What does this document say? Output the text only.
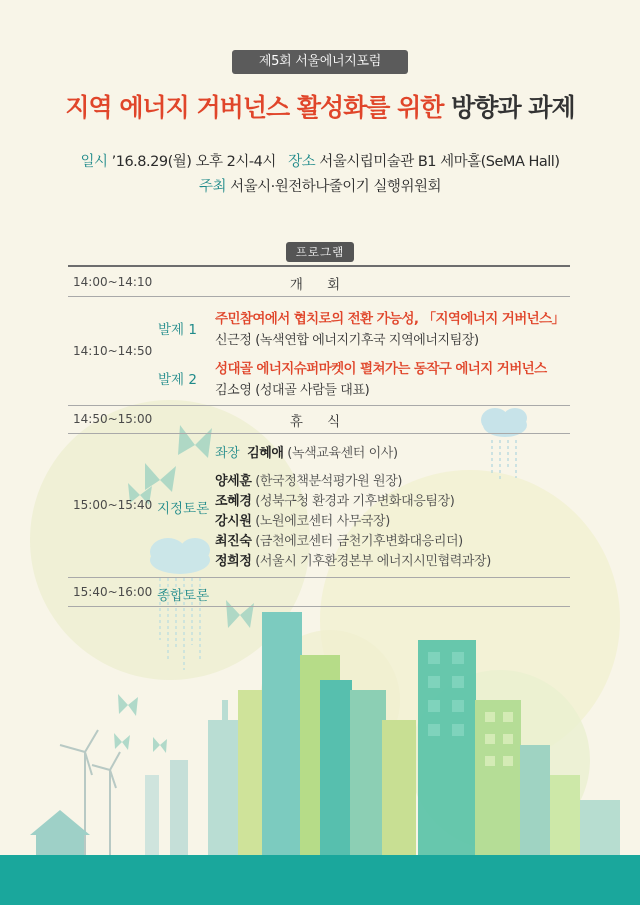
제5회 서울에너지포럼
지역 에너지 거버넌스 활성화를 위한 방향과 과제
일시 ’16.8.29(월) 오후 2시-4시 장소 서울시립미술관 B1 세마홀(SeMA Hall)
주최 서울시·원전하나줄이기 실행위원회
프로그램
14:00~14:10	개 회
14:10~14:50
발제 1
주민참여에서 협치로의 전환 가능성, 「지역에너지 거버넌스」
신근정 (녹색연합 에너지기후국 지역에너지팀장)
발제 2
성대골 에너지슈퍼마켓이 펼쳐가는 동작구 에너지 거버넌스
김소영 (성대골 사람들 대표)
14:50~15:00	휴 식
15:00~15:40 지정토론
좌장 김혜애 (녹색교육센터 이사)
양세훈 (한국정책분석평가원 원장)
조혜경 (성북구청 환경과 기후변화대응팀장)
강시원 (노원에코센터 사무국장)
최진숙 (금천에코센터 금천기후변화대응리더)
정희정 (서울시 기후환경본부 에너지시민협력과장)
15:40~16:00 종합토론
